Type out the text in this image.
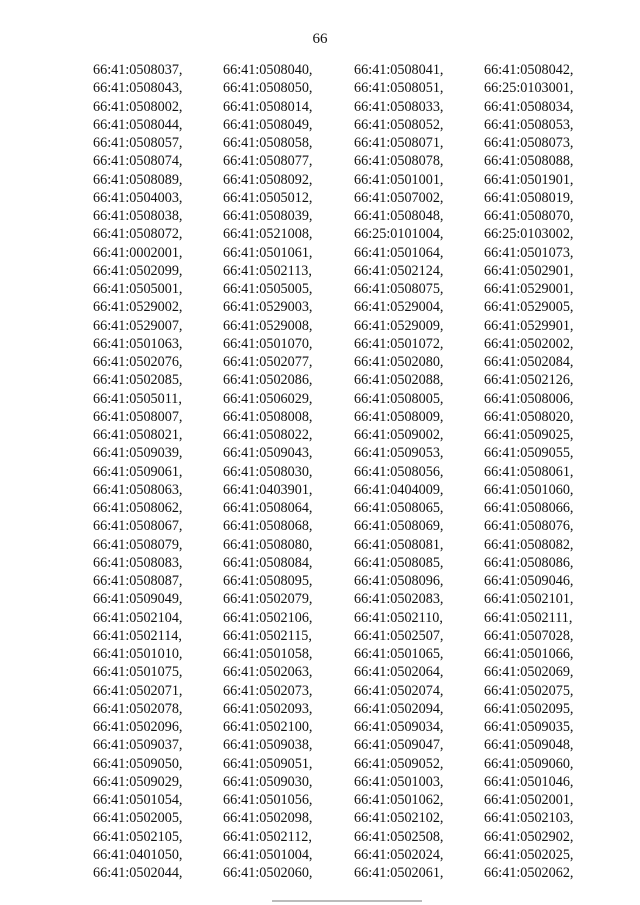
66
66:41:0508037,	66:41:0508040,	66:41:0508041,	66:41:0508042,
66:41:0508043,	66:41:0508050,	66:41:0508051,	66:25:0103001,
66:41:0508002,	66:41:0508014,	66:41:0508033,	66:41:0508034,
66:41:0508044,	66:41:0508049,	66:41:0508052,	66:41:0508053,
66:41:0508057,	66:41:0508058,	66:41:0508071,	66:41:0508073,
66:41:0508074,	66:41:0508077,	66:41:0508078,	66:41:0508088,
66:41:0508089,	66:41:0508092,	66:41:0501001,	66:41:0501901,
66:41:0504003,	66:41:0505012,	66:41:0507002,	66:41:0508019,
66:41:0508038,	66:41:0508039,	66:41:0508048,	66:41:0508070,
66:41:0508072,	66:41:0521008,	66:25:0101004,	66:25:0103002,
66:41:0002001,	66:41:0501061,	66:41:0501064,	66:41:0501073,
66:41:0502099,	66:41:0502113,	66:41:0502124,	66:41:0502901,
66:41:0505001,	66:41:0505005,	66:41:0508075,	66:41:0529001,
66:41:0529002,	66:41:0529003,	66:41:0529004,	66:41:0529005,
66:41:0529007,	66:41:0529008,	66:41:0529009,	66:41:0529901,
66:41:0501063,	66:41:0501070,	66:41:0501072,	66:41:0502002,
66:41:0502076,	66:41:0502077,	66:41:0502080,	66:41:0502084,
66:41:0502085,	66:41:0502086,	66:41:0502088,	66:41:0502126,
66:41:0505011,	66:41:0506029,	66:41:0508005,	66:41:0508006,
66:41:0508007,	66:41:0508008,	66:41:0508009,	66:41:0508020,
66:41:0508021,	66:41:0508022,	66:41:0509002,	66:41:0509025,
66:41:0509039,	66:41:0509043,	66:41:0509053,	66:41:0509055,
66:41:0509061,	66:41:0508030,	66:41:0508056,	66:41:0508061,
66:41:0508063,	66:41:0403901,	66:41:0404009,	66:41:0501060,
66:41:0508062,	66:41:0508064,	66:41:0508065,	66:41:0508066,
66:41:0508067,	66:41:0508068,	66:41:0508069,	66:41:0508076,
66:41:0508079,	66:41:0508080,	66:41:0508081,	66:41:0508082,
66:41:0508083,	66:41:0508084,	66:41:0508085,	66:41:0508086,
66:41:0508087,	66:41:0508095,	66:41:0508096,	66:41:0509046,
66:41:0509049,	66:41:0502079,	66:41:0502083,	66:41:0502101,
66:41:0502104,	66:41:0502106,	66:41:0502110,	66:41:0502111,
66:41:0502114,	66:41:0502115,	66:41:0502507,	66:41:0507028,
66:41:0501010,	66:41:0501058,	66:41:0501065,	66:41:0501066,
66:41:0501075,	66:41:0502063,	66:41:0502064,	66:41:0502069,
66:41:0502071,	66:41:0502073,	66:41:0502074,	66:41:0502075,
66:41:0502078,	66:41:0502093,	66:41:0502094,	66:41:0502095,
66:41:0502096,	66:41:0502100,	66:41:0509034,	66:41:0509035,
66:41:0509037,	66:41:0509038,	66:41:0509047,	66:41:0509048,
66:41:0509050,	66:41:0509051,	66:41:0509052,	66:41:0509060,
66:41:0509029,	66:41:0509030,	66:41:0501003,	66:41:0501046,
66:41:0501054,	66:41:0501056,	66:41:0501062,	66:41:0502001,
66:41:0502005,	66:41:0502098,	66:41:0502102,	66:41:0502103,
66:41:0502105,	66:41:0502112,	66:41:0502508,	66:41:0502902,
66:41:0401050,	66:41:0501004,	66:41:0502024,	66:41:0502025,
66:41:0502044,	66:41:0502060,	66:41:0502061,	66:41:0502062,
